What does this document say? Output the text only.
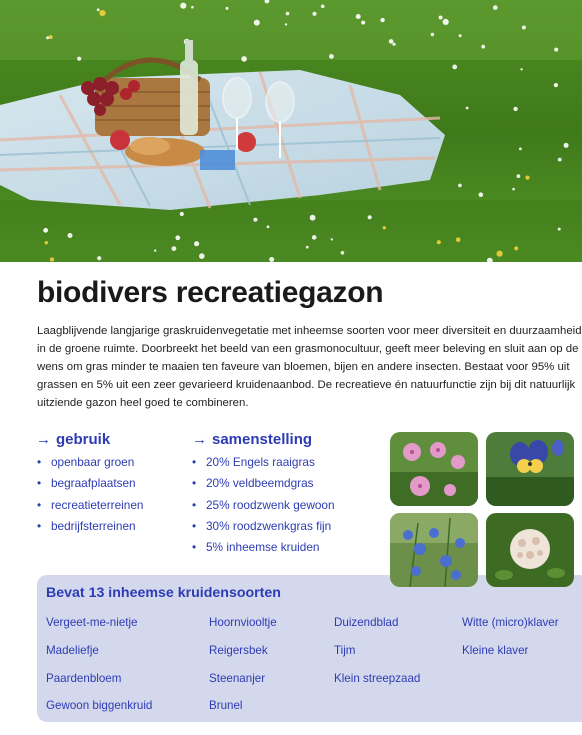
biodivers recreatiegazon

Laagblijvende langjarige graskruidenvegetatie met inheemse soorten voor meer diversiteit en duurzaamheid in de groene ruimte. Doorbreekt het beeld van een grasmonocultuur, geeft meer beleving en sluit aan op de wens om gras minder te maaien ten faveure van bloemen, bijen en andere insecten. Bestaat voor 95% uit grassen en 5% uit een zeer gevarieerd kruidenaanbod. De recreatieve én natuurfunctie zijn bij dit natuurlijk uitziende gazon heel goed te combineren.

→ gebruik
• openbaar groen
• begraafplaatsen
• recreatieterreinen
• bedrijfsterreinen
→ samenstelling
• 20% Engels raaigras
• 20% veldbeemdgras
• 25% roodzwenk gewoon
• 30% roodzwenkgras fijn
• 5% inheemse kruiden
Bevat 13 inheemse kruidensoorten
Vergeet-me-nietje	Hoornviooltje	Duizendblad	Witte (micro)klaver
Madeliefje	Reigersbek	Tijm	Kleine klaver
Paardenbloem	Steenanjer	Klein streepzaad
Gewoon biggenkruid	Brunel
